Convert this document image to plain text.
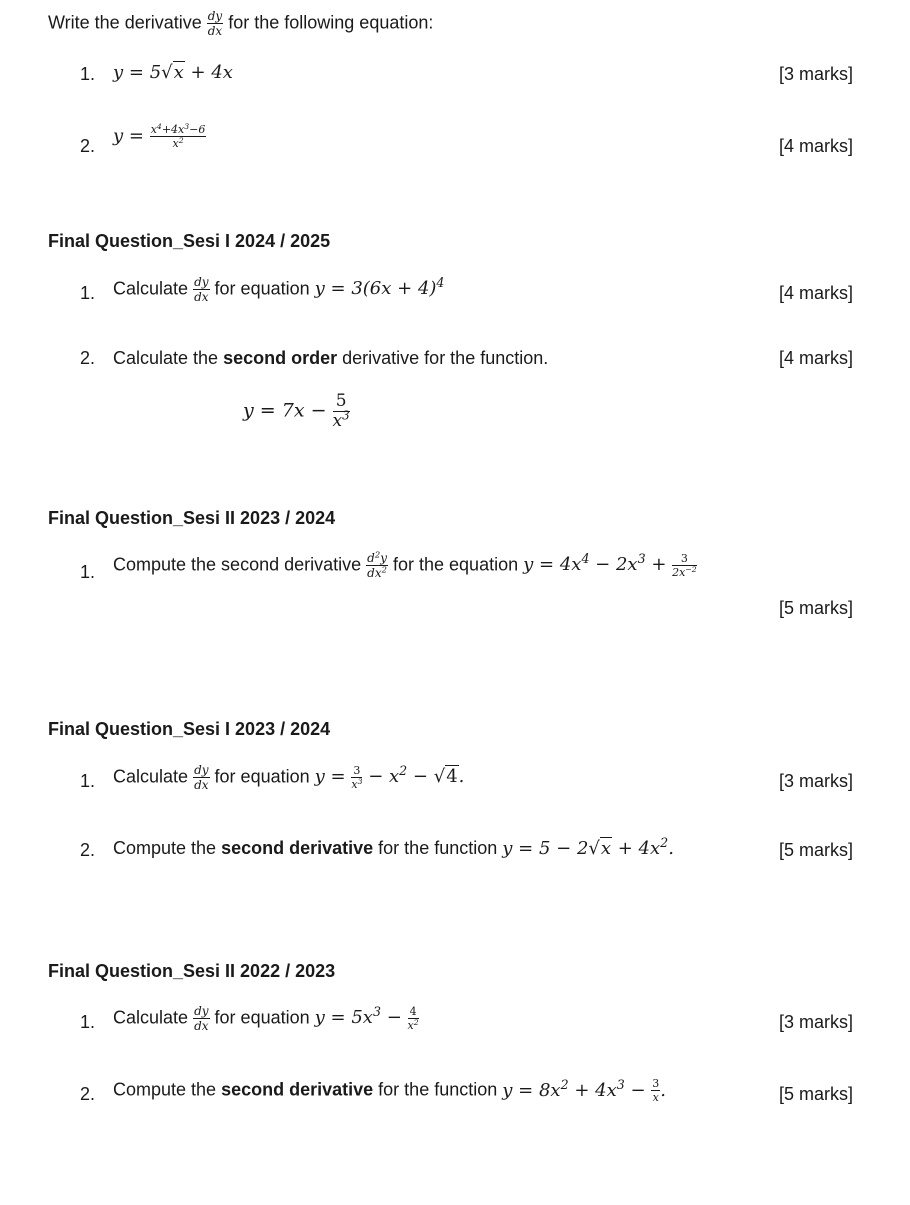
Write the derivative $\frac{dy}{dx}$ for the following equation:
1. y = 5√x + 4x	[3 marks]
2. $y = \frac{x^4+4x^3-6}{x^2}$	[4 marks]
Final Question_Sesi I 2024 / 2025
1. Calculate $\frac{dy}{dx}$ for equation $y = 3(6x + 4)^4$
[4 marks]
2. Calculate the second order derivative for the function.	[4 marks]
$y = 7x - \frac{5}{x^3}$
Final Question_Sesi II 2023 / 2024
1. Compute the second derivative $\frac{d^2y}{dx^2}$ for the equation $y = 4x^4 - 2x^3 + \frac{3}{2x^{-2}}$
[5 marks]
Final Question_Sesi I 2023 / 2024
1. Calculate $\frac{dy}{dx}$ for equation $y = \frac{3}{x^3} - x^2 - √4$.	[3 marks]
2. Compute the second derivative for the function $y = 5 - 2√x + 4x^2$.	[5 marks]
Final Question_Sesi II 2022 / 2023
1. Calculate $\frac{dy}{dx}$ for equation $y = 5x^3 - \frac{4}{x^2}$	[3 marks]
2. Compute the second derivative for the function $y = 8x^2 + 4x^3 - \frac{3}{x}$ .	[5 marks]
